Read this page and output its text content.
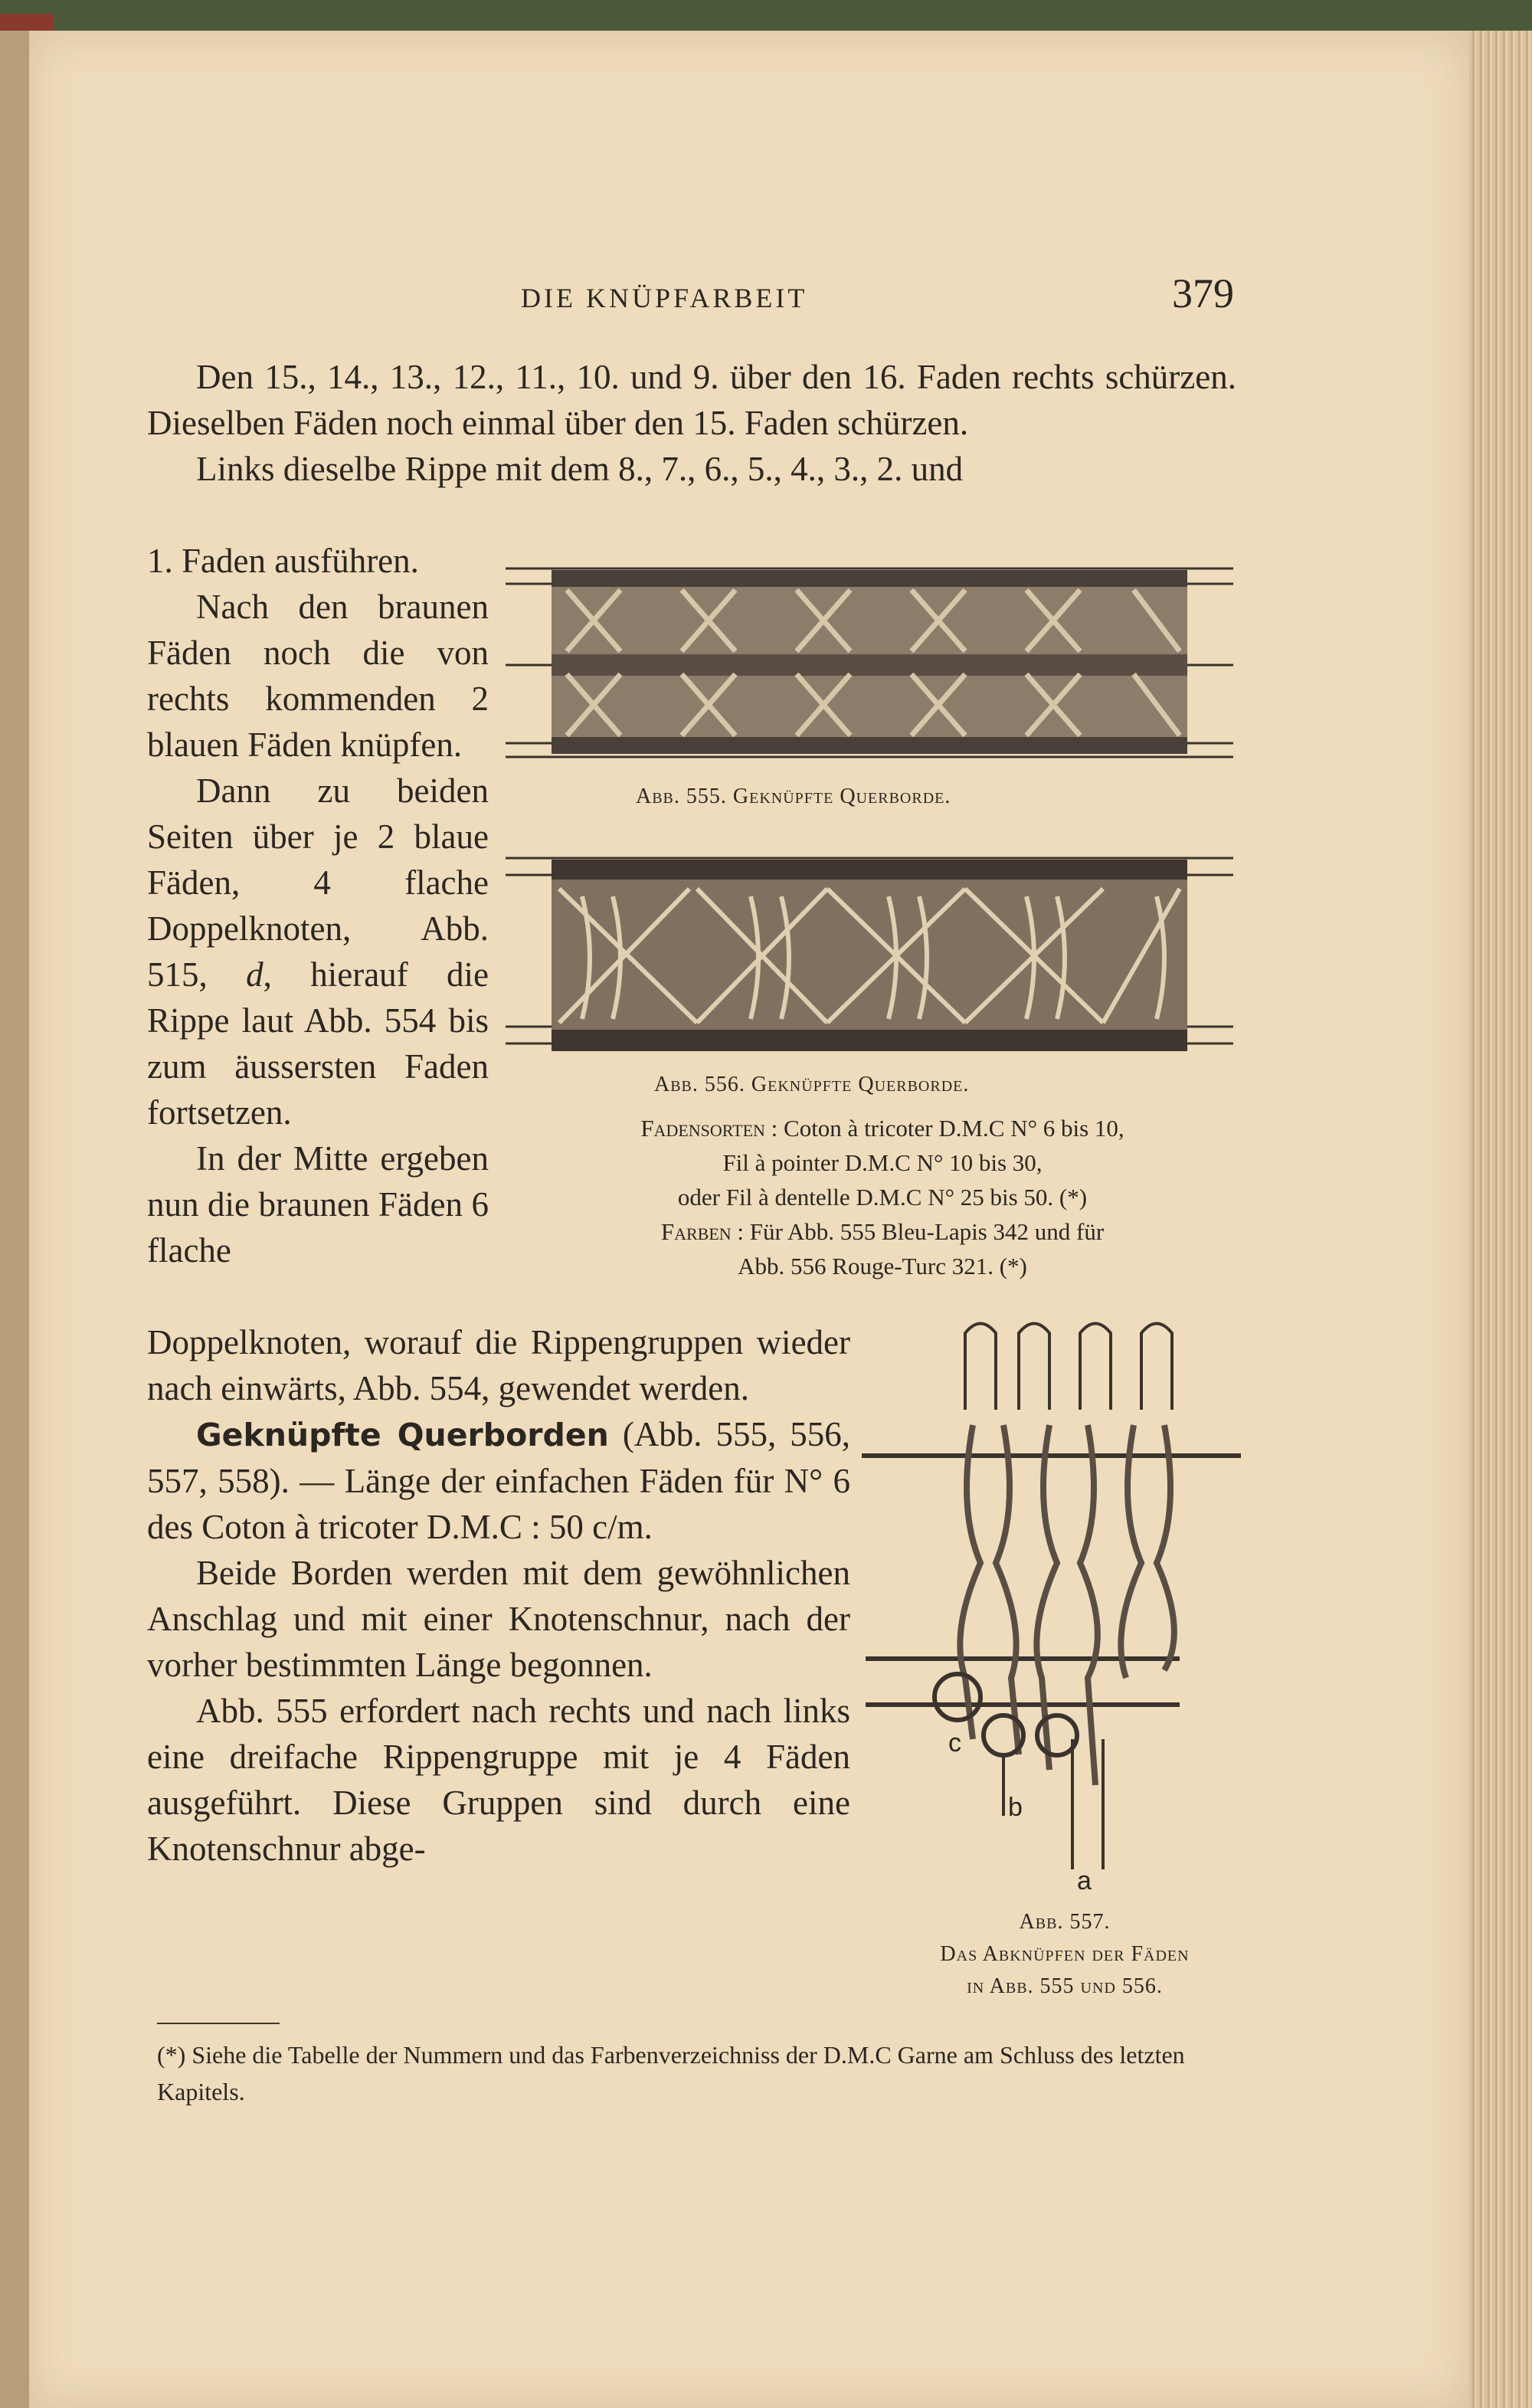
DIE KNÜPFARBEIT	379

Den 15., 14., 13., 12., 11., 10. und 9. über den 16. Faden rechts schürzen. Dieselben Fäden noch einmal über den 15. Faden schürzen.

Links dieselbe Rippe mit dem 8., 7., 6., 5., 4., 3., 2. und

1. Faden ausführen.

Nach den braunen Fäden noch die von rechts kommenden 2 blauen Fäden knüpfen.

Dann zu beiden Seiten über je 2 blaue Fäden, 4 flache Doppelknoten, Abb. 515, d, hierauf die Rippe laut Abb. 554 bis zum äussersten Faden fortsetzen.

In der Mitte ergeben nun die braunen Fäden 6 flache

Doppelknoten, worauf die Rippengruppen wieder nach einwärts, Abb. 554, gewendet werden.

Geknüpfte Querborden (Abb. 555, 556, 557, 558). — Länge der einfachen Fäden für N° 6 des Coton à tricoter D.M.C : 50 c/m.

Beide Borden werden mit dem gewöhnlichen Anschlag und mit einer Knotenschnur, nach der vorher bestimmten Länge begonnen.

Abb. 555 erfordert nach rechts und nach links eine dreifache Rippengruppe mit je 4 Fäden ausgeführt. Diese Gruppen sind durch eine Knotenschnur abge-

Abb. 555. Geknüpfte Querborde.
Abb. 556. Geknüpfte Querborde.
Fadensorten : Coton à tricoter D.M.C N° 6 bis 10,
Fil à pointer D.M.C N° 10 bis 30,
oder Fil à dentelle D.M.C N° 25 bis 50. (*)
Farben : Für Abb. 555 Bleu-Lapis 342 und für
Abb. 556 Rouge-Turc 321. (*)
c
b
a
Abb. 557.
Das Abknüpfen der Fäden
in Abb. 555 und 556.
(*) Siehe die Tabelle der Nummern und das Farbenverzeichniss der D.M.C Garne am Schluss des letzten Kapitels.
